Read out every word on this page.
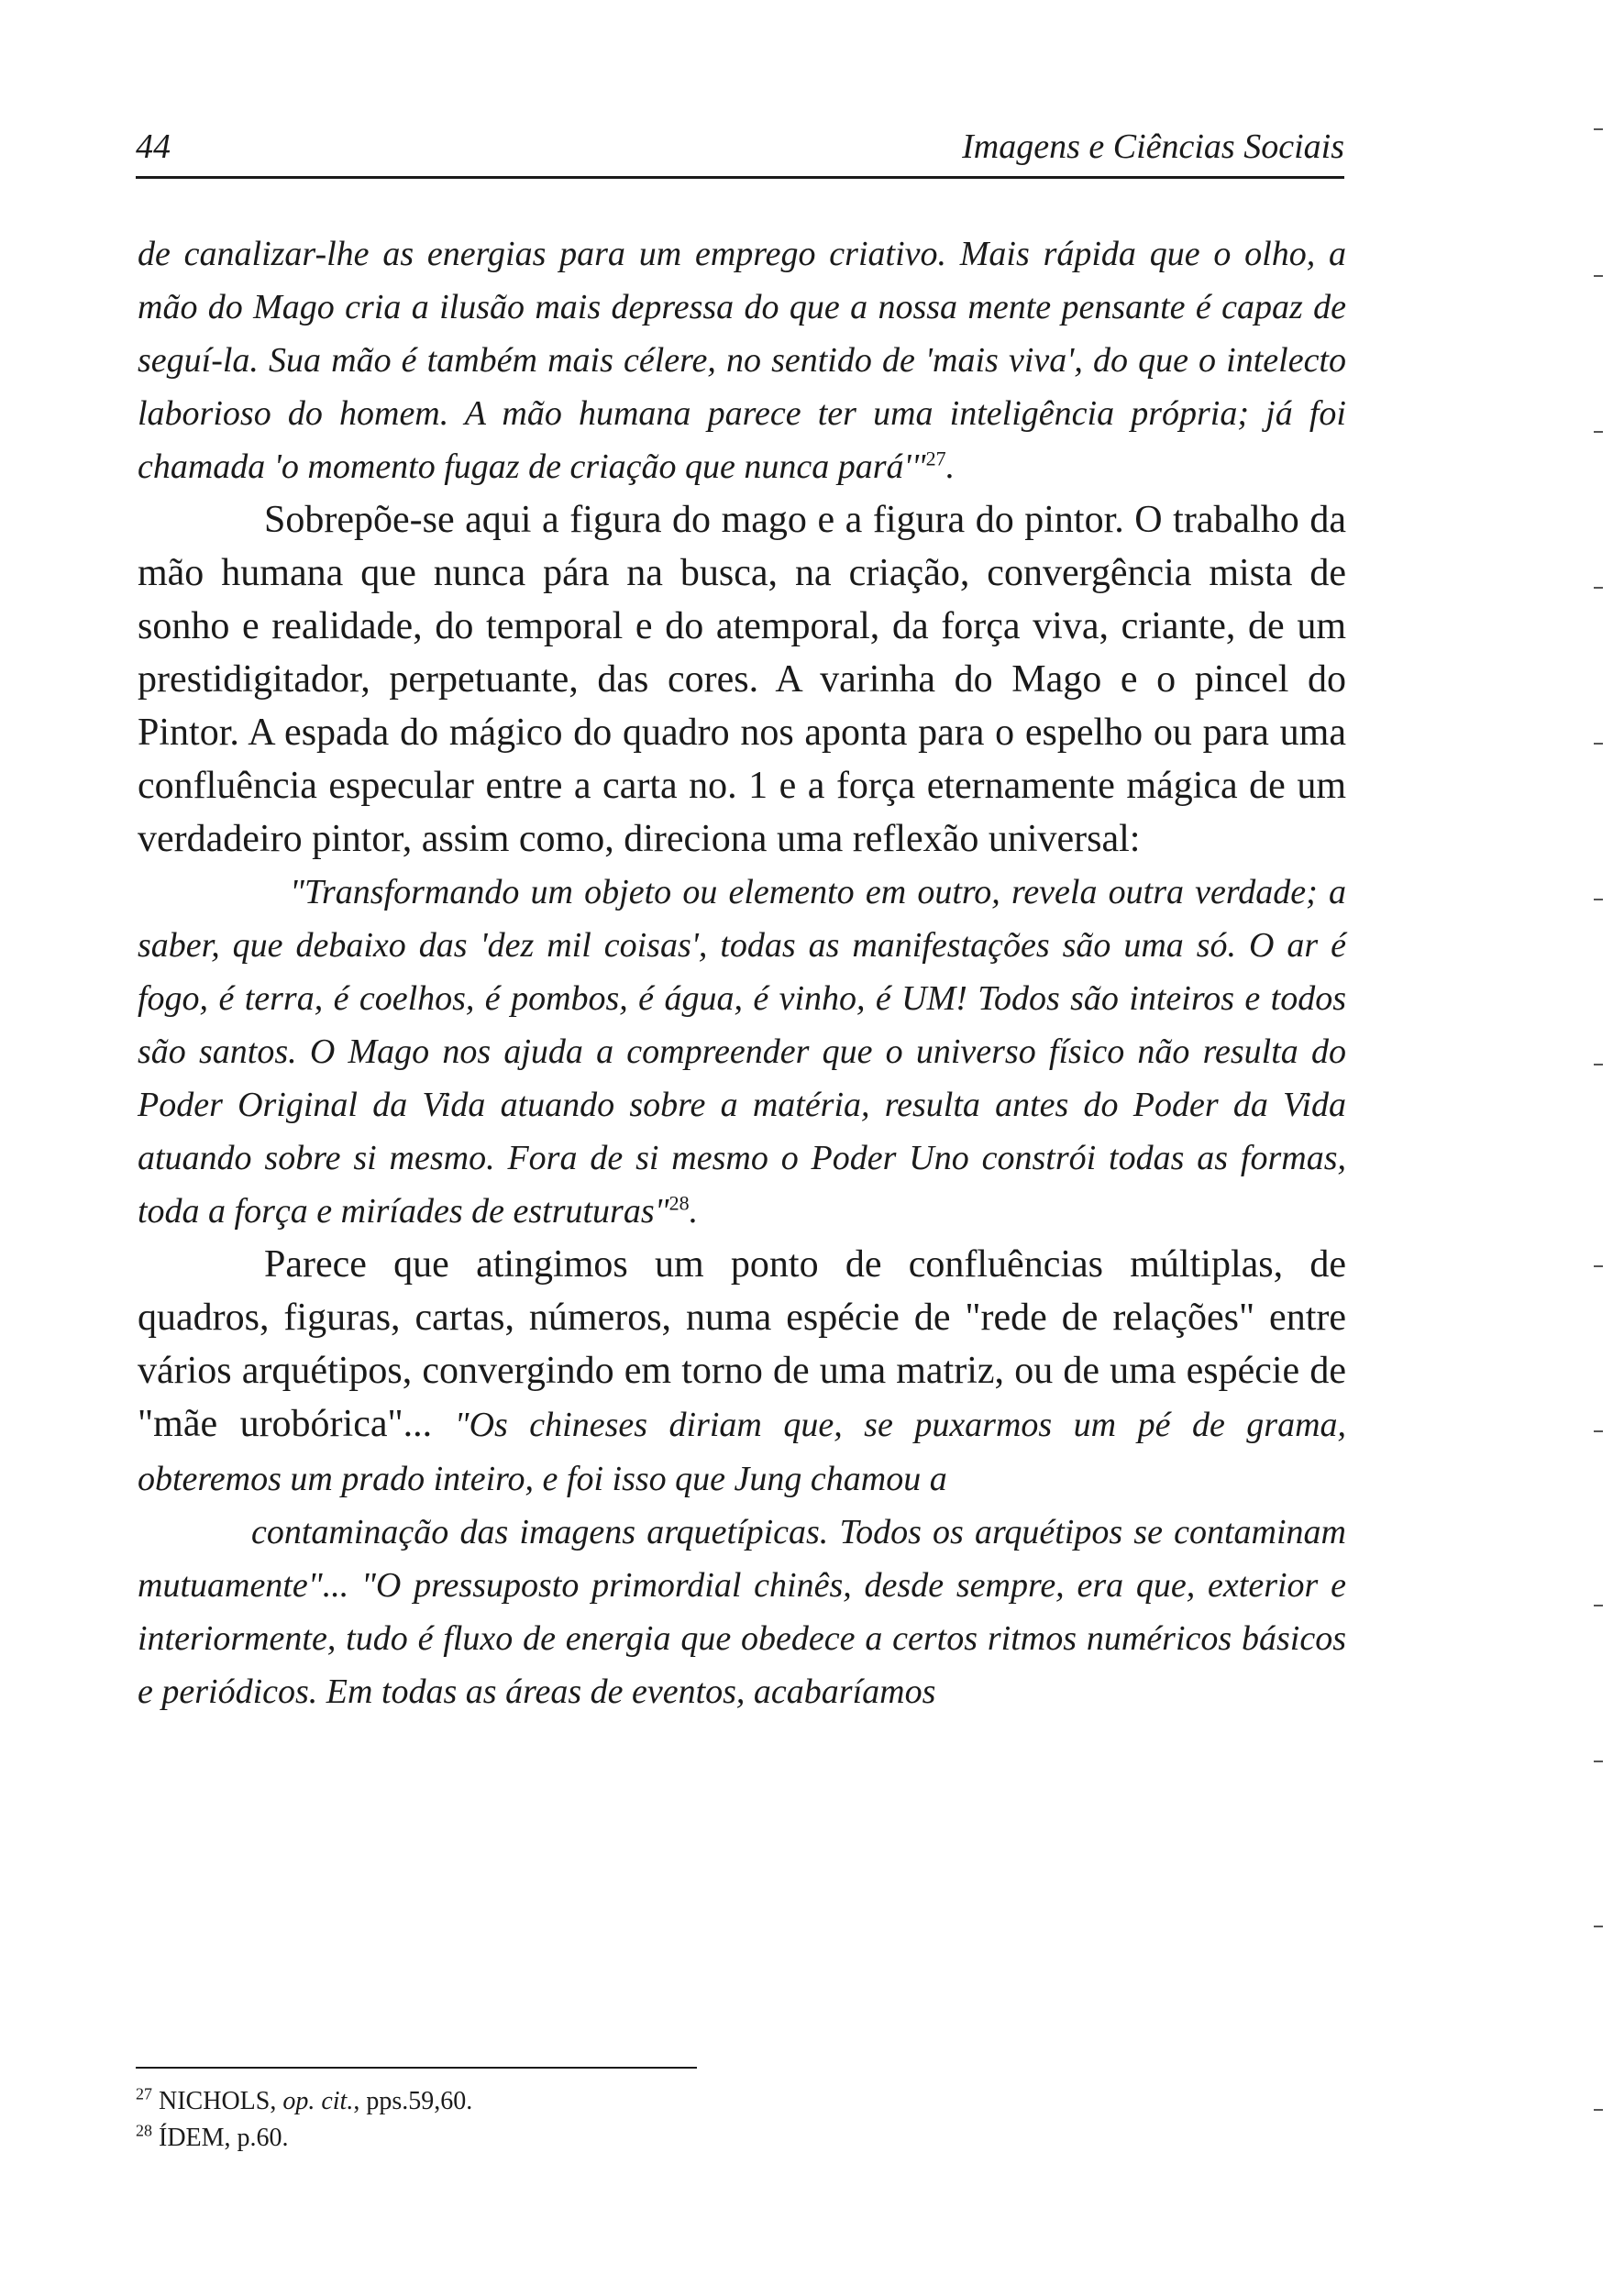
44	Imagens e Ciências Sociais

de canalizar-lhe as energias para um emprego criativo. Mais rápida que o olho, a mão do Mago cria a ilusão mais depressa do que a nossa mente pensante é capaz de seguí-la. Sua mão é também mais célere, no sentido de 'mais viva', do que o intelecto laborioso do homem. A mão humana parece ter uma inteligência própria; já foi chamada 'o momento fugaz de criação que nunca pará'"$^{27}$.

Sobrepõe-se aqui a figura do mago e a figura do pintor. O trabalho da mão humana que nunca pára na busca, na criação, convergência mista de sonho e realidade, do temporal e do atemporal, da força viva, criante, de um prestidigitador, perpetuante, das cores. A varinha do Mago e o pincel do Pintor. A espada do mágico do quadro nos aponta para o espelho ou para uma confluência especular entre a carta no. 1 e a força eternamente mágica de um verdadeiro pintor, assim como, direciona uma reflexão universal:

"Transformando um objeto ou elemento em outro, revela outra verdade; a saber, que debaixo das 'dez mil coisas', todas as manifestações são uma só. O ar é fogo, é terra, é coelhos, é pombos, é água, é vinho, é UM! Todos são inteiros e todos são santos. O Mago nos ajuda a compreender que o universo físico não resulta do Poder Original da Vida atuando sobre a matéria, resulta antes do Poder da Vida atuando sobre si mesmo. Fora de si mesmo o Poder Uno constrói todas as formas, toda a força e miríades de estruturas"$^{28}$.

Parece que atingimos um ponto de confluências múltiplas, de quadros, figuras, cartas, números, numa espécie de "rede de relações" entre vários arquétipos, convergindo em torno de uma matriz, ou de uma espécie de "mãe urobórica"... "Os chineses diriam que, se puxarmos um pé de grama, obteremos um prado inteiro, e foi isso que Jung chamou a

contaminação das imagens arquetípicas. Todos os arquétipos se contaminam mutuamente"... "O pressuposto primordial chinês, desde sempre, era que, exterior e interiormente, tudo é fluxo de energia que obedece a certos ritmos numéricos básicos e periódicos. Em todas as áreas de eventos, acabaríamos

$^{27}$ NICHOLS, op. cit., pps.59,60.

$^{28}$ ÍDEM, p.60.
